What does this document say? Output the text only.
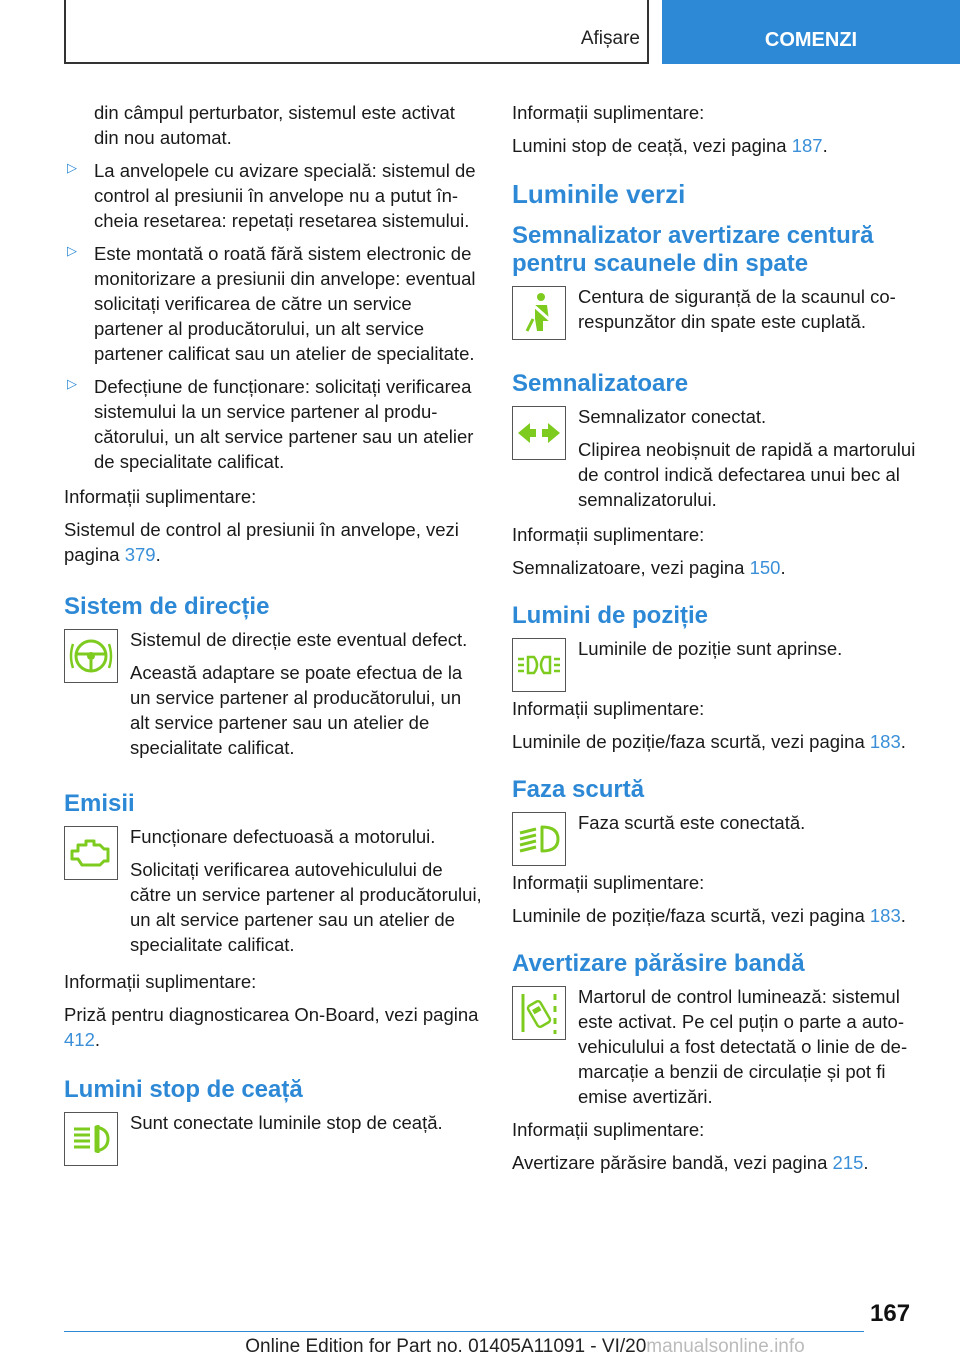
Afișare	COMENZI

din câmpul perturbator, sistemul este activat din nou automat.

▷ La anvelopele cu avizare specială: sistemul de control al presiunii în anvelope nu a putut încheia resetarea: repetați resetarea sistemului.

▷ Este montată o roată fără sistem electronic de monitorizare a presiunii din anvelope: eventual solicitați verificarea de către un service partener al producătorului, un alt service partener calificat sau un atelier de specialitate.

▷ Defecțiune de funcționare: solicitați verificarea sistemului la un service partener al producătorului, un alt service partener sau un atelier de specialitate calificat.

Informații suplimentare:

Sistemul de control al presiunii în anvelope, vezi pagina 379.

Sistem de direcție

Sistemul de direcție este eventual defect.

Această adaptare se poate efectua de la un service partener al producătorului, un alt service partener sau un atelier de specialitate calificat.

Emisii

Funcționare defectuoasă a motorului.

Solicitați verificarea autovehiculului de către un service partener al producătorului, un alt service partener sau un atelier de specialitate calificat.

Informații suplimentare:

Priză pentru diagnosticarea On-Board, vezi pagina 412.

Lumini stop de ceață

Sunt conectate luminile stop de ceață.

Informații suplimentare:

Lumini stop de ceață, vezi pagina 187.

Luminile verzi
Semnalizator avertizare centură pentru scaunele din spate

Centura de siguranță de la scaunul corespunzător din spate este cuplată.

Semnalizatoare

Semnalizator conectat.

Clipirea neobișnuit de rapidă a martorului de control indică defectarea unui bec al semnalizatorului.

Informații suplimentare:

Semnalizatoare, vezi pagina 150.

Lumini de poziție

Luminile de poziție sunt aprinse.

Informații suplimentare:

Luminile de poziție/faza scurtă, vezi pagina 183.

Faza scurtă

Faza scurtă este conectată.

Informații suplimentare:

Luminile de poziție/faza scurtă, vezi pagina 183.

Avertizare părăsire bandă

Martorul de control luminează: sistemul este activat. Pe cel puțin o parte a autovehiculului a fost detectată o linie de demarcație a benzii de circulație și pot fi emise avertizări.

Informații suplimentare:

Avertizare părăsire bandă, vezi pagina 215.

167
Online Edition for Part no. 01405A11091 - VI/20manualsonline.info
